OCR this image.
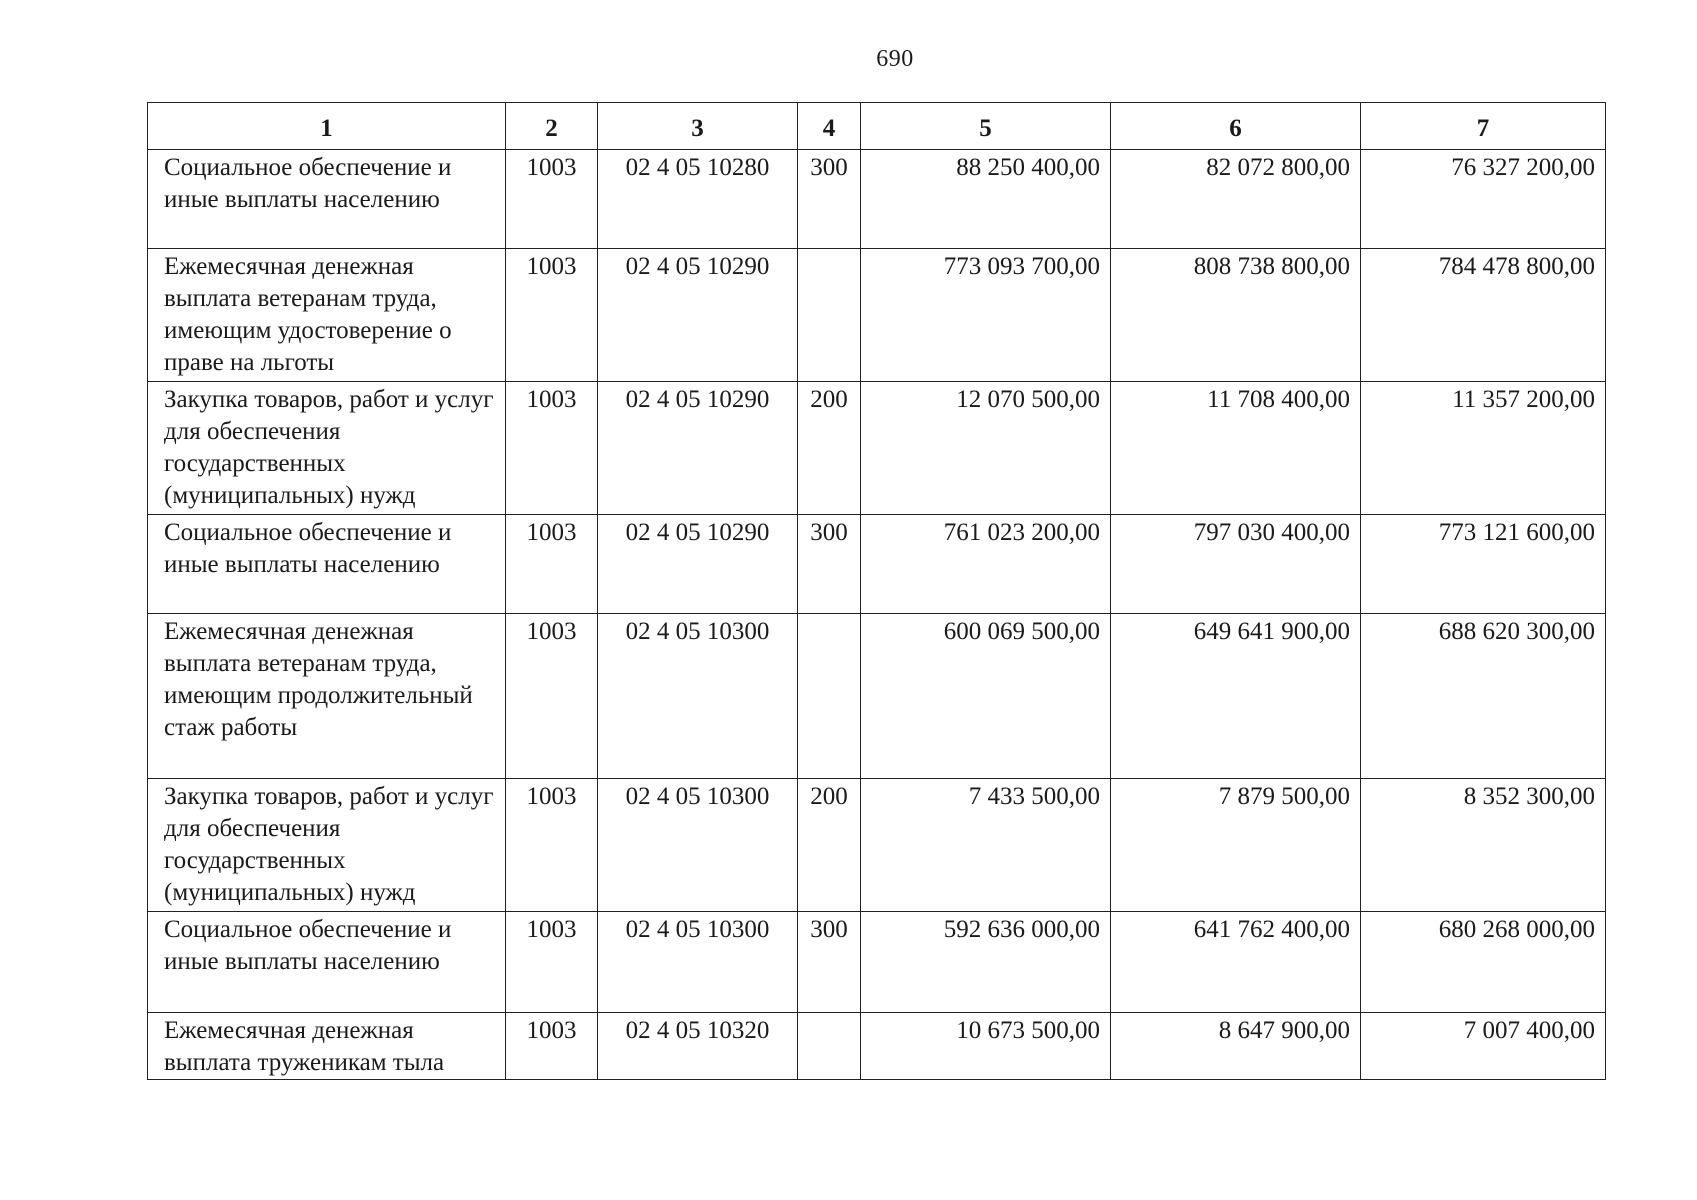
690
1	2	3	4	5	6	7
Социальное обеспечение и иные выплаты населению	1003	02 4 05 10280	300	88 250 400,00	82 072 800,00	76 327 200,00
Ежемесячная денежная выплата ветеранам труда, имеющим удостоверение о праве на льготы	1003	02 4 05 10290		773 093 700,00	808 738 800,00	784 478 800,00
Закупка товаров, работ и услуг для обеспечения государственных (муниципальных) нужд	1003	02 4 05 10290	200	12 070 500,00	11 708 400,00	11 357 200,00
Социальное обеспечение и иные выплаты населению	1003	02 4 05 10290	300	761 023 200,00	797 030 400,00	773 121 600,00
Ежемесячная денежная выплата ветеранам труда, имеющим продолжительный стаж работы	1003	02 4 05 10300		600 069 500,00	649 641 900,00	688 620 300,00
Закупка товаров, работ и услуг для обеспечения государственных (муниципальных) нужд	1003	02 4 05 10300	200	7 433 500,00	7 879 500,00	8 352 300,00
Социальное обеспечение и иные выплаты населению	1003	02 4 05 10300	300	592 636 000,00	641 762 400,00	680 268 000,00
Ежемесячная денежная выплата труженикам тыла	1003	02 4 05 10320		10 673 500,00	8 647 900,00	7 007 400,00
